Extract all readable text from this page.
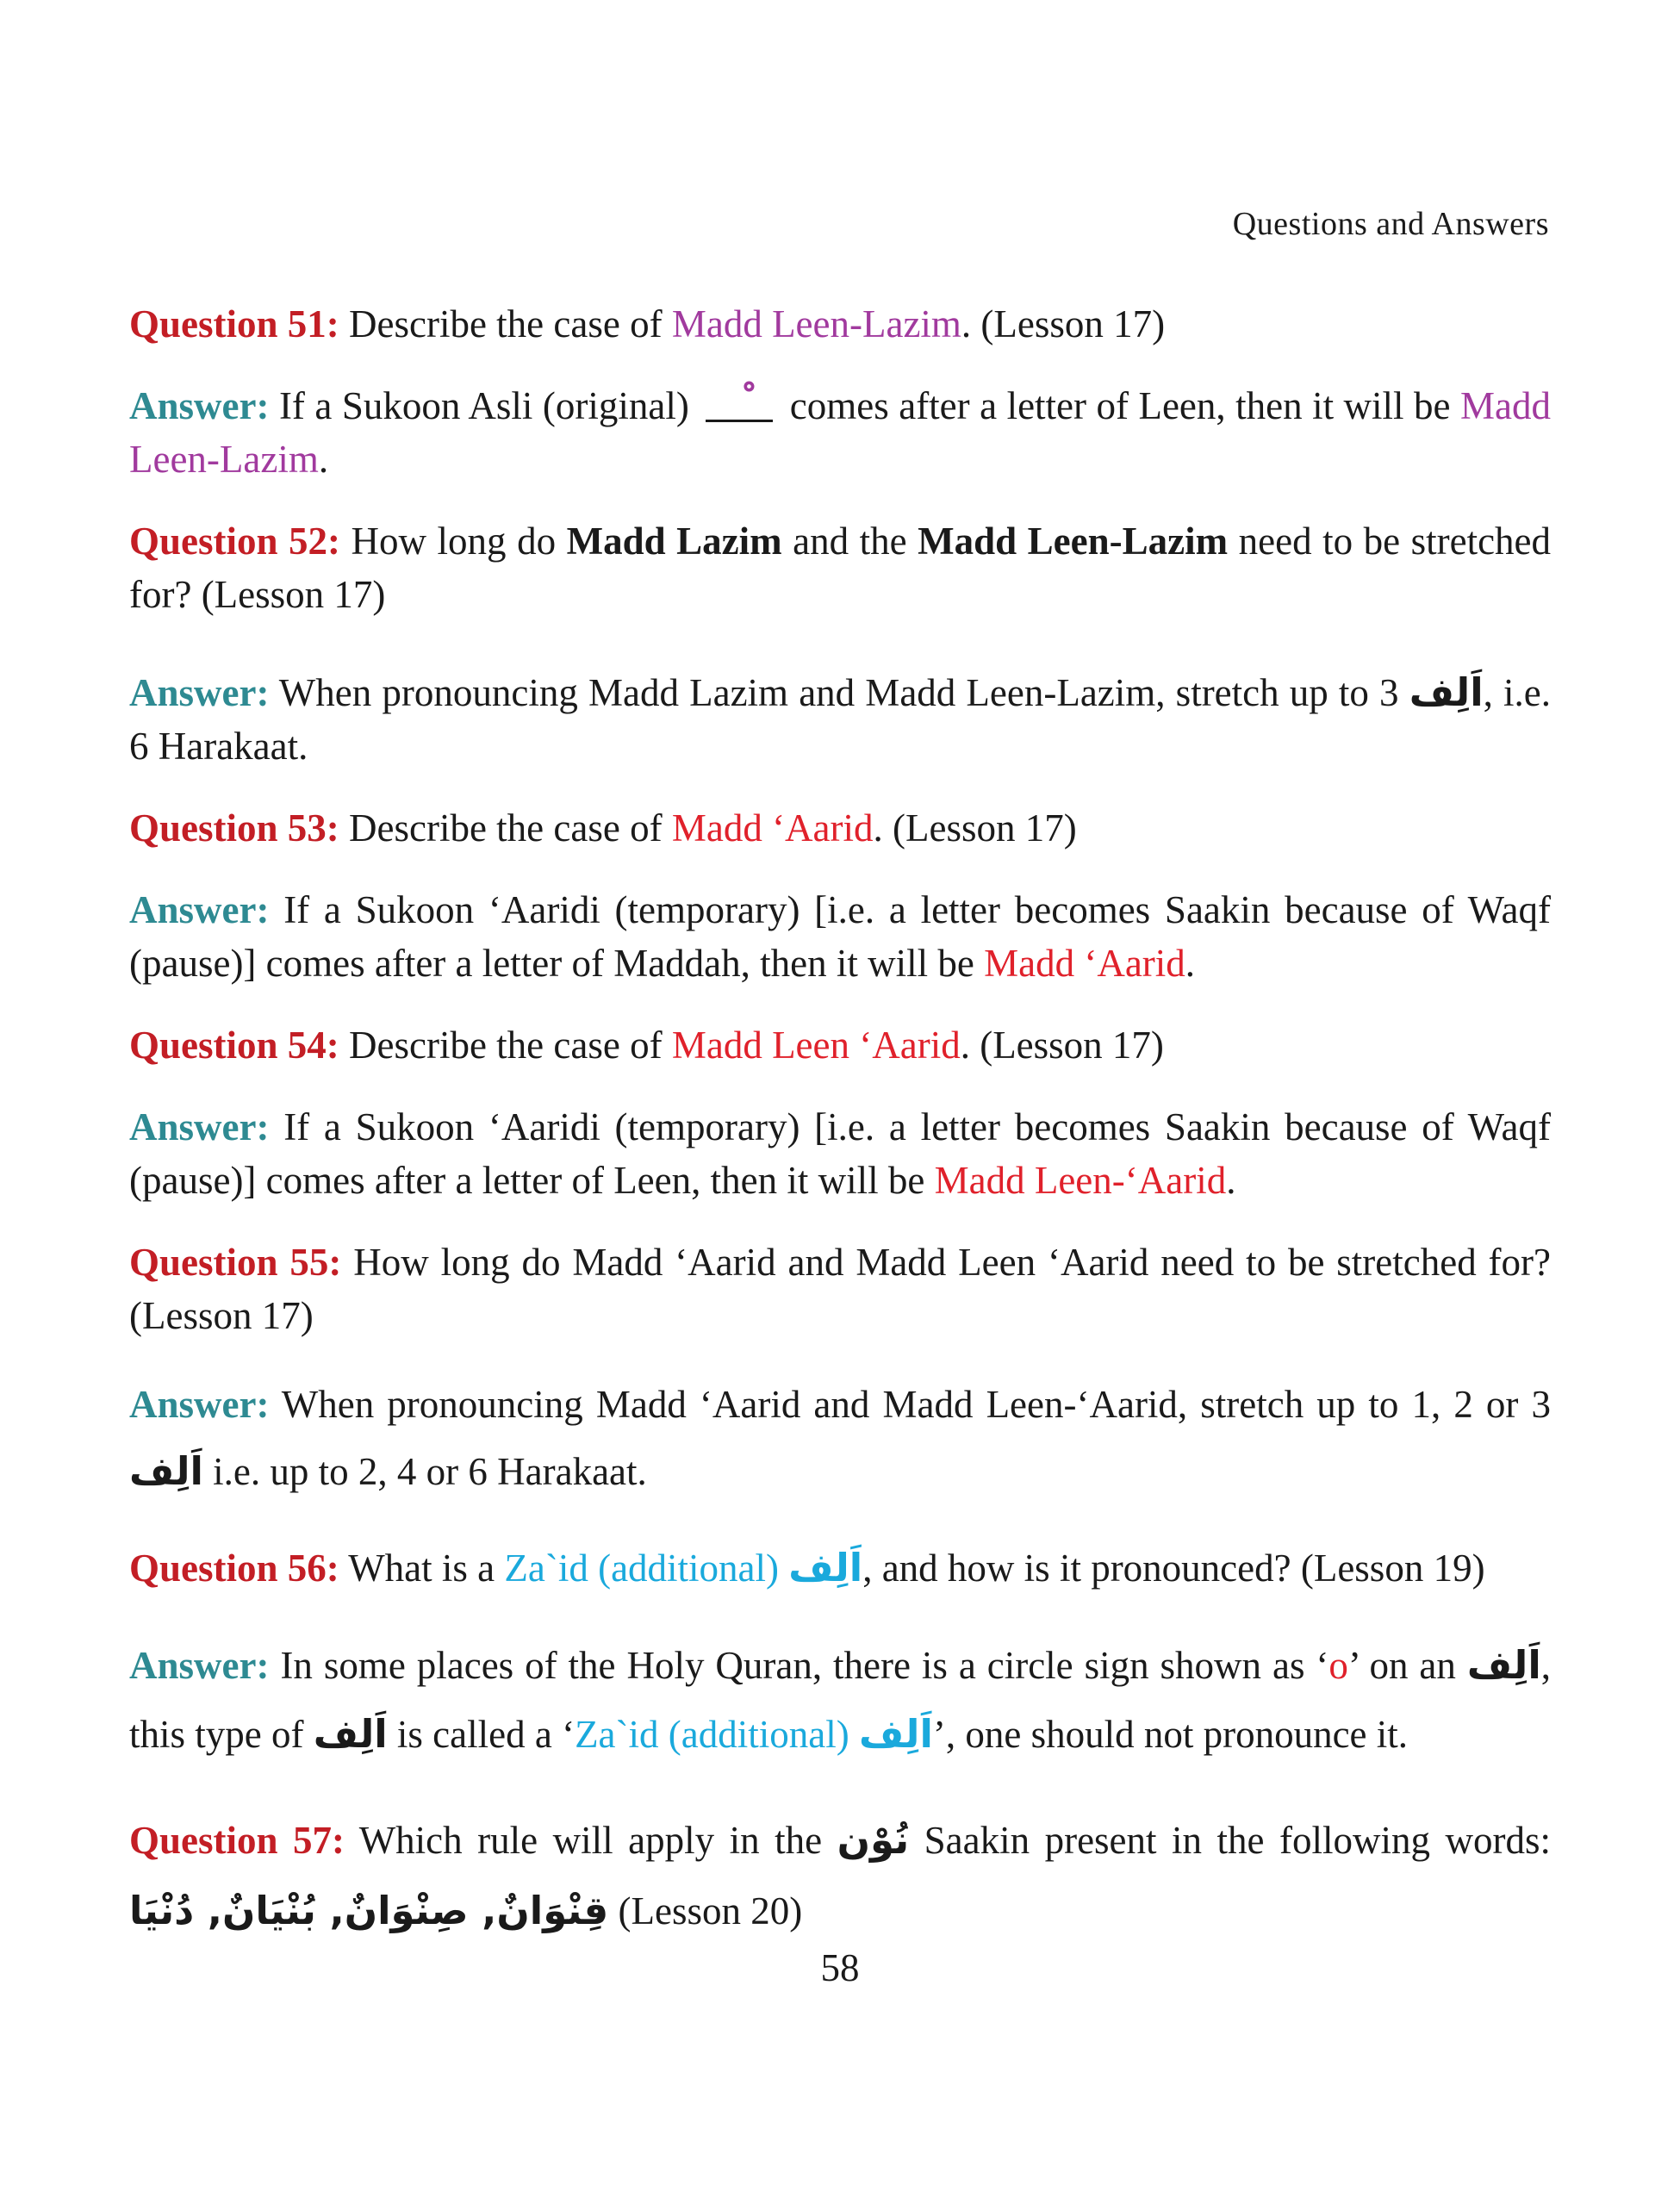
Questions and Answers

Question 51: Describe the case of Madd Leen-Lazim. (Lesson 17)

Answer: If a Sukoon Asli (original)  comes after a letter of Leen, then it will be Madd Leen-Lazim.

Question 52: How long do Madd Lazim and the Madd Leen-Lazim need to be stretched for? (Lesson 17)

Answer: When pronouncing Madd Lazim and Madd Leen-Lazim, stretch up to 3 اَلِف, i.e. 6 Harakaat.

Question 53: Describe the case of Madd ‘Aarid. (Lesson 17)

Answer: If a Sukoon ‘Aaridi (temporary) [i.e. a letter becomes Saakin because of Waqf (pause)] comes after a letter of Maddah, then it will be Madd ‘Aarid.

Question 54: Describe the case of Madd Leen ‘Aarid. (Lesson 17)

Answer: If a Sukoon ‘Aaridi (temporary) [i.e. a letter becomes Saakin because of Waqf (pause)] comes after a letter of Leen, then it will be Madd Leen-‘Aarid.

Question 55: How long do Madd ‘Aarid and Madd Leen ‘Aarid need to be stretched for? (Lesson 17)

Answer: When pronouncing Madd ‘Aarid and Madd Leen-‘Aarid, stretch up to 1, 2 or 3 اَلِف i.e. up to 2, 4 or 6 Harakaat.

Question 56: What is a Za`id (additional) اَلِف, and how is it pronounced? (Lesson 19)

Answer: In some places of the Holy Quran, there is a circle sign shown as ‘o’ on an اَلِف, this type of اَلِف is called a ‘Za`id (additional) اَلِف’, one should not pronounce it.

Question 57: Which rule will apply in the نُوْن Saakin present in the following words: قِنْوَانٌ, صِنْوَانٌ, بُنْيَانٌ, دُنْيَا (Lesson 20)

58
